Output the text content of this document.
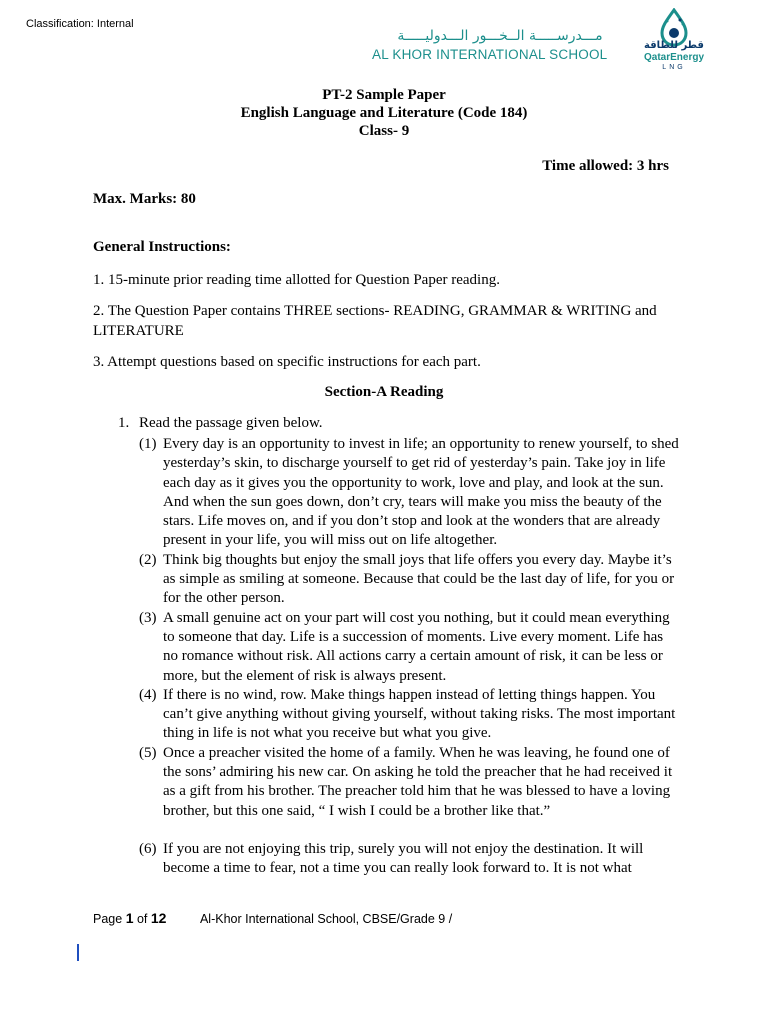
Classification: Internal
مـــدرســـــة الــخـــور الـــدوليـــــة
AL KHOR INTERNATIONAL SCHOOL
قطر للطاقة
QatarEnergy
LNG
PT-2 Sample Paper
English Language and Literature (Code 184)
Class- 9
Time allowed: 3 hrs
Max. Marks: 80
General Instructions:
1. 15-minute prior reading time allotted for Question Paper reading.
2. The Question Paper contains THREE sections- READING, GRAMMAR & WRITING and LITERATURE
3. Attempt questions based on specific instructions for each part.
Section-A Reading
1. Read the passage given below.
(1) Every day is an opportunity to invest in life; an opportunity to renew yourself, to shed yesterday’s skin, to discharge yourself to get rid of yesterday’s pain. Take joy in life each day as it gives you the opportunity to work, love and play, and look at the sun. And when the sun goes down, don’t cry, tears will make you miss the beauty of the stars. Life moves on, and if you don’t stop and look at the wonders that are already present in your life, you will miss out on life altogether.
(2) Think big thoughts but enjoy the small joys that life offers you every day. Maybe it’s as simple as smiling at someone. Because that could be the last day of life, for you or for the other person.
(3) A small genuine act on your part will cost you nothing, but it could mean everything to someone that day. Life is a succession of moments. Live every moment. Life has no romance without risk. All actions carry a certain amount of risk, it can be less or more, but the element of risk is always present.
(4) If there is no wind, row. Make things happen instead of letting things happen. You can’t give anything without giving yourself, without taking risks. The most important thing in life is not what you receive but what you give.
(5) Once a preacher visited the home of a family. When he was leaving, he found one of the sons’ admiring his new car. On asking he told the preacher that he had received it as a gift from his brother. The preacher told him that he was blessed to have a loving brother, but this one said, “ I wish I could be a brother like that.”
(6) If you are not enjoying this trip, surely you will not enjoy the destination. It will become a time to fear, not a time you can really look forward to. It is not what
Page 1 of 12	Al-Khor International School, CBSE/Grade 9 /
